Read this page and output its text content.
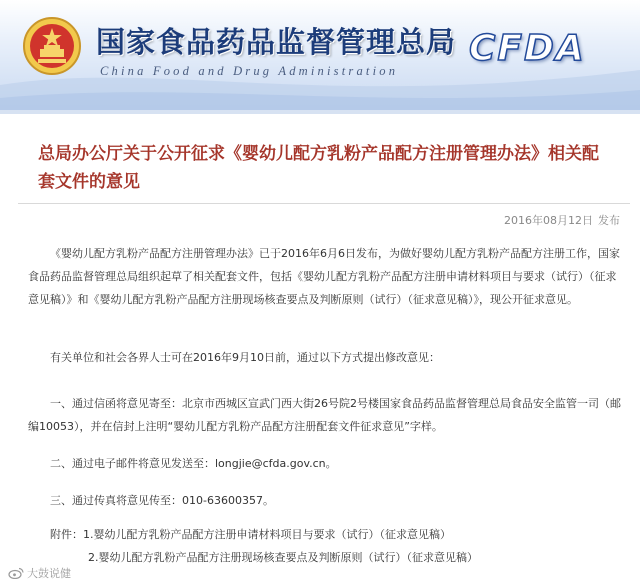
国家食品药品监督管理总局
China Food and Drug Administration
CFDA
总局办公厅关于公开征求《婴幼儿配方乳粉产品配方注册管理办法》相关配套文件的意见
2016年08月12日 发布

《婴幼儿配方乳粉产品配方注册管理办法》已于2016年6月6日发布，为做好婴幼儿配方乳粉产品配方注册工作，国家食品药品监督管理总局组织起草了相关配套文件，包括《婴幼儿配方乳粉产品配方注册申请材料项目与要求（试行）（征求意见稿）》和《婴幼儿配方乳粉产品配方注册现场核查要点及判断原则（试行）（征求意见稿）》，现公开征求意见。

有关单位和社会各界人士可在2016年9月10日前，通过以下方式提出修改意见：

一、通过信函将意见寄至：北京市西城区宣武门西大街26号院2号楼国家食品药品监督管理总局食品安全监管一司（邮编10053），并在信封上注明“婴幼儿配方乳粉产品配方注册配套文件征求意见”字样。

二、通过电子邮件将意见发送至：longjie@cfda.gov.cn。

三、通过传真将意见传至：010-63600357。

附件：1.婴幼儿配方乳粉产品配方注册申请材料项目与要求（试行）（征求意见稿）
2.婴幼儿配方乳粉产品配方注册现场核查要点及判断原则（试行）（征求意见稿）
大鼓说健
